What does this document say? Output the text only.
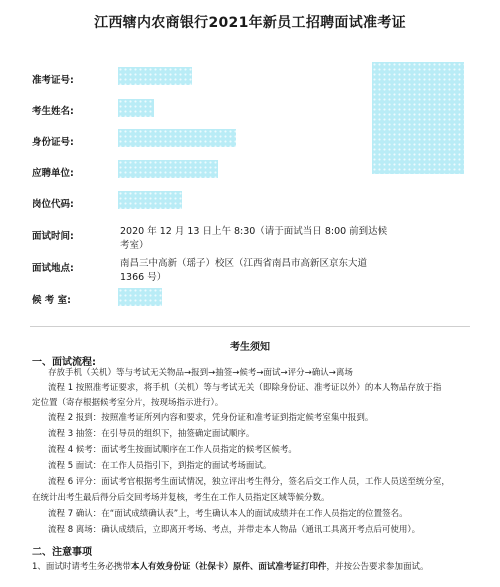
江西辖内农商银行2021年新员工招聘面试准考证
准考证号:
考生姓名:
身份证号:
应聘单位:
岗位代码:
面试时间:	2020 年 12 月 13 日上午 8:30（请于面试当日 8:00 前到达候
考室）
面试地点:	南昌三中高新（瑶子）校区（江西省南昌市高新区京东大道
1366 号）
候 考 室:
考生须知
一、面试流程:
存放手机（关机）等与考试无关物品→报到→抽签→候考→面试→评分→确认→离场
流程 1 按照准考证要求，将手机（关机）等与考试无关（即除身份证、准考证以外）的本人物品存放于指
定位置（寄存根据候考室分片，按现场指示进行）。
流程 2 报到：按照准考证所列内容和要求，凭身份证和准考证到指定候考室集中报到。
流程 3 抽签：在引导员的组织下，抽签确定面试顺序。
流程 4 候考：面试考生按面试顺序在工作人员指定的候考区候考。
流程 5 面试：在工作人员指引下，到指定的面试考场面试。
流程 6 评分：面试考官根据考生面试情况，独立评出考生得分，签名后交工作人员，工作人员送至统分室，
在统计出考生最后得分后交回考场并复核，考生在工作人员指定区域等候分数。
流程 7 确认：在“面试成绩确认表”上，考生确认本人的面试成绩并在工作人员指定的位置签名。
流程 8 离场：确认成绩后，立即离开考场、考点，并带走本人物品（通讯工具离开考点后可使用）。
二、注意事项
1、面试时请考生务必携带本人有效身份证（社保卡）原件、面试准考证打印件，并按公告要求参加面试。
